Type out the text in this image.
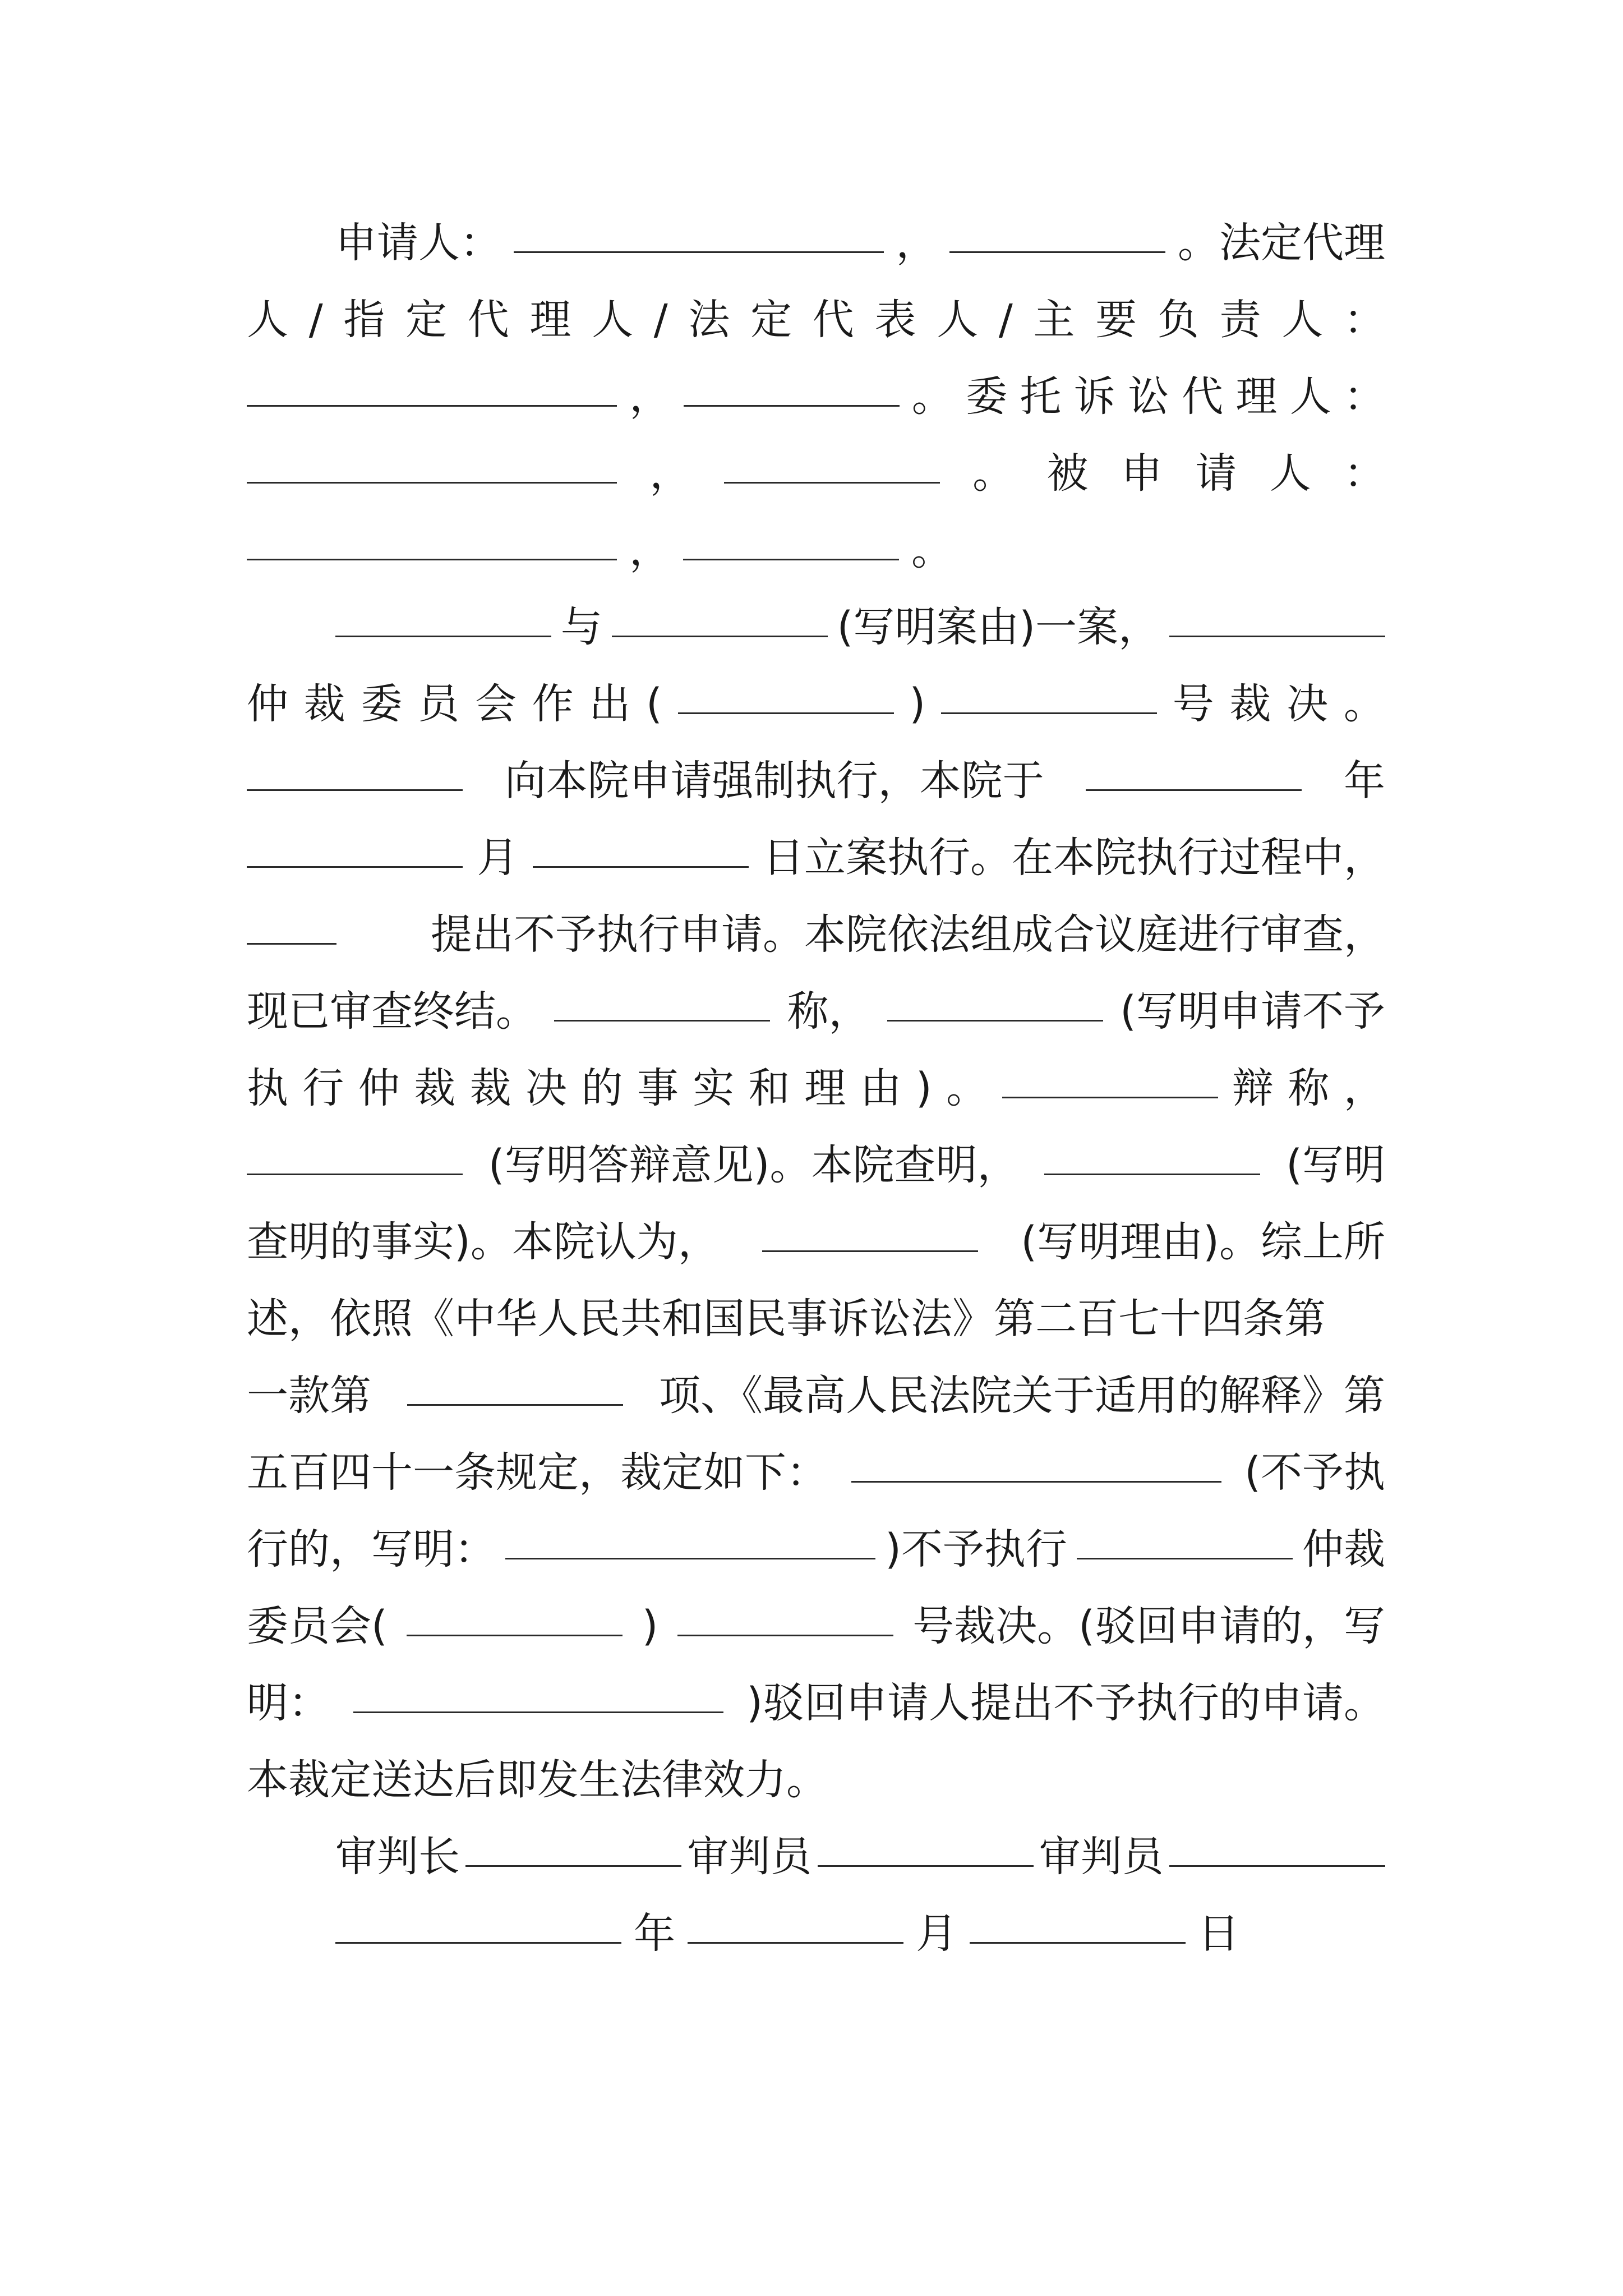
申请人：	，	。法定代理
人 / 指 定 代 理 人 / 法 定 代 表 人 / 主 要 负 责 人 ：
，	。 委 托 诉 讼 代 理 人 ：
，	。 被 申 请 人 ：
，	。
与	(写明案由)一案，
仲 裁 委 员 会 作 出 (	)	号 裁 决 。
向本院申请强制执行，本院于	年
月	日立案执行。在本院执行过程中，
提出不予执行申请。本院依法组成合议庭进行审查，
现已审查终结。	称，	(写明申请不予
执 行 仲 裁 裁 决 的 事 实 和 理 由 ) 。	辩 称 ，
(写明答辩意见)。本院查明，	(写明
查明的事实)。本院认为，	(写明理由)。综上所
述，依照《中华人民共和国民事诉讼法》第二百七十四条第
一款第	项、《最高人民法院关于适用的解释》第
五百四十一条规定，裁定如下：	(不予执
行的，写明：	)不予执行	仲裁
委员会(	)	号裁决。(驳回申请的，写
明：	)驳回申请人提出不予执行的申请。
本裁定送达后即发生法律效力。
审判长	审判员	审判员
年	月	日
